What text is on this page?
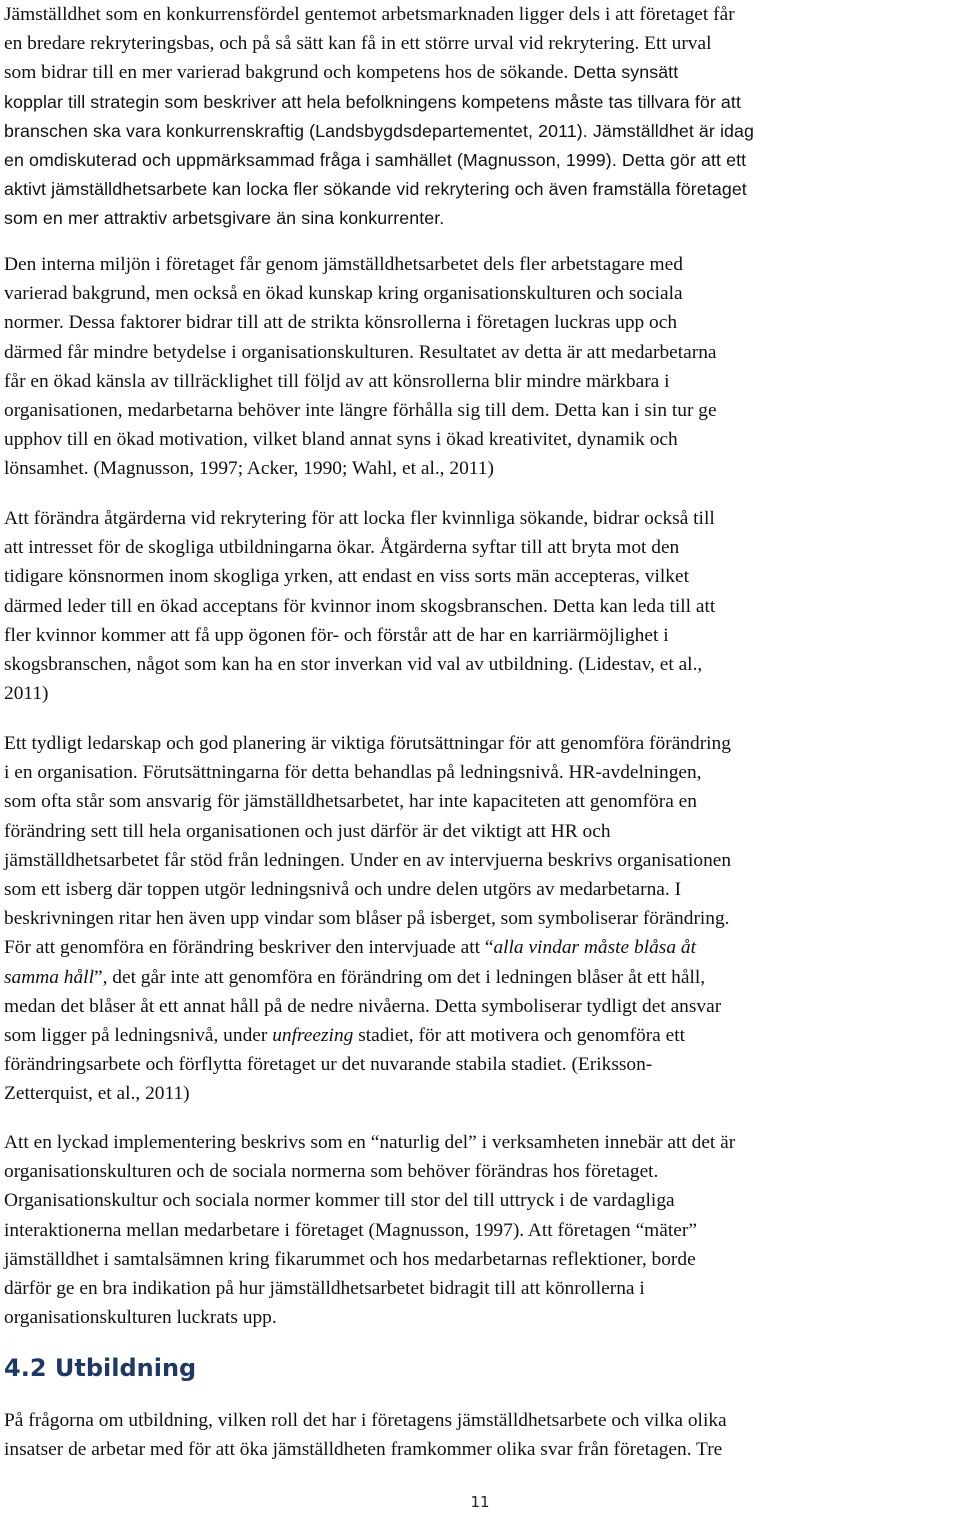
Jämställdhet som en konkurrensfördel gentemot arbetsmarknaden ligger dels i att företaget får
en bredare rekryteringsbas, och på så sätt kan få in ett större urval vid rekrytering. Ett urval
som bidrar till en mer varierad bakgrund och kompetens hos de sökande. Detta synsätt
kopplar till strategin som beskriver att hela befolkningens kompetens måste tas tillvara för att
branschen ska vara konkurrenskraftig (Landsbygdsdepartementet, 2011). Jämställdhet är idag
en omdiskuterad och uppmärksammad fråga i samhället (Magnusson, 1999). Detta gör att ett
aktivt jämställdhetsarbete kan locka fler sökande vid rekrytering och även framställa företaget
som en mer attraktiv arbetsgivare än sina konkurrenter.
Den interna miljön i företaget får genom jämställdhetsarbetet dels fler arbetstagare med
varierad bakgrund, men också en ökad kunskap kring organisationskulturen och sociala
normer. Dessa faktorer bidrar till att de strikta könsrollerna i företagen luckras upp och
därmed får mindre betydelse i organisationskulturen. Resultatet av detta är att medarbetarna
får en ökad känsla av tillräcklighet till följd av att könsrollerna blir mindre märkbara i
organisationen, medarbetarna behöver inte längre förhålla sig till dem. Detta kan i sin tur ge
upphov till en ökad motivation, vilket bland annat syns i ökad kreativitet, dynamik och
lönsamhet. (Magnusson, 1997; Acker, 1990; Wahl, et al., 2011)
Att förändra åtgärderna vid rekrytering för att locka fler kvinnliga sökande, bidrar också till
att intresset för de skogliga utbildningarna ökar. Åtgärderna syftar till att bryta mot den
tidigare könsnormen inom skogliga yrken, att endast en viss sorts män accepteras, vilket
därmed leder till en ökad acceptans för kvinnor inom skogsbranschen. Detta kan leda till att
fler kvinnor kommer att få upp ögonen för- och förstår att de har en karriärmöjlighet i
skogsbranschen, något som kan ha en stor inverkan vid val av utbildning. (Lidestav, et al.,
2011)
Ett tydligt ledarskap och god planering är viktiga förutsättningar för att genomföra förändring
i en organisation. Förutsättningarna för detta behandlas på ledningsnivå. HR-avdelningen,
som ofta står som ansvarig för jämställdhetsarbetet, har inte kapaciteten att genomföra en
förändring sett till hela organisationen och just därför är det viktigt att HR och
jämställdhetsarbetet får stöd från ledningen. Under en av intervjuerna beskrivs organisationen
som ett isberg där toppen utgör ledningsnivå och undre delen utgörs av medarbetarna. I
beskrivningen ritar hen även upp vindar som blåser på isberget, som symboliserar förändring.
För att genomföra en förändring beskriver den intervjuade att “alla vindar måste blåsa åt
samma håll”, det går inte att genomföra en förändring om det i ledningen blåser åt ett håll,
medan det blåser åt ett annat håll på de nedre nivåerna. Detta symboliserar tydligt det ansvar
som ligger på ledningsnivå, under unfreezing stadiet, för att motivera och genomföra ett
förändringsarbete och förflytta företaget ur det nuvarande stabila stadiet. (Eriksson-
Zetterquist, et al., 2011)
Att en lyckad implementering beskrivs som en “naturlig del” i verksamheten innebär att det är
organisationskulturen och de sociala normerna som behöver förändras hos företaget.
Organisationskultur och sociala normer kommer till stor del till uttryck i de vardagliga
interaktionerna mellan medarbetare i företaget (Magnusson, 1997). Att företagen “mäter”
jämställdhet i samtalsämnen kring fikarummet och hos medarbetarnas reflektioner, borde
därför ge en bra indikation på hur jämställdhetsarbetet bidragit till att könrollerna i
organisationskulturen luckrats upp.
4.2 Utbildning
På frågorna om utbildning, vilken roll det har i företagens jämställdhetsarbete och vilka olika
insatser de arbetar med för att öka jämställdheten framkommer olika svar från företagen. Tre
11
